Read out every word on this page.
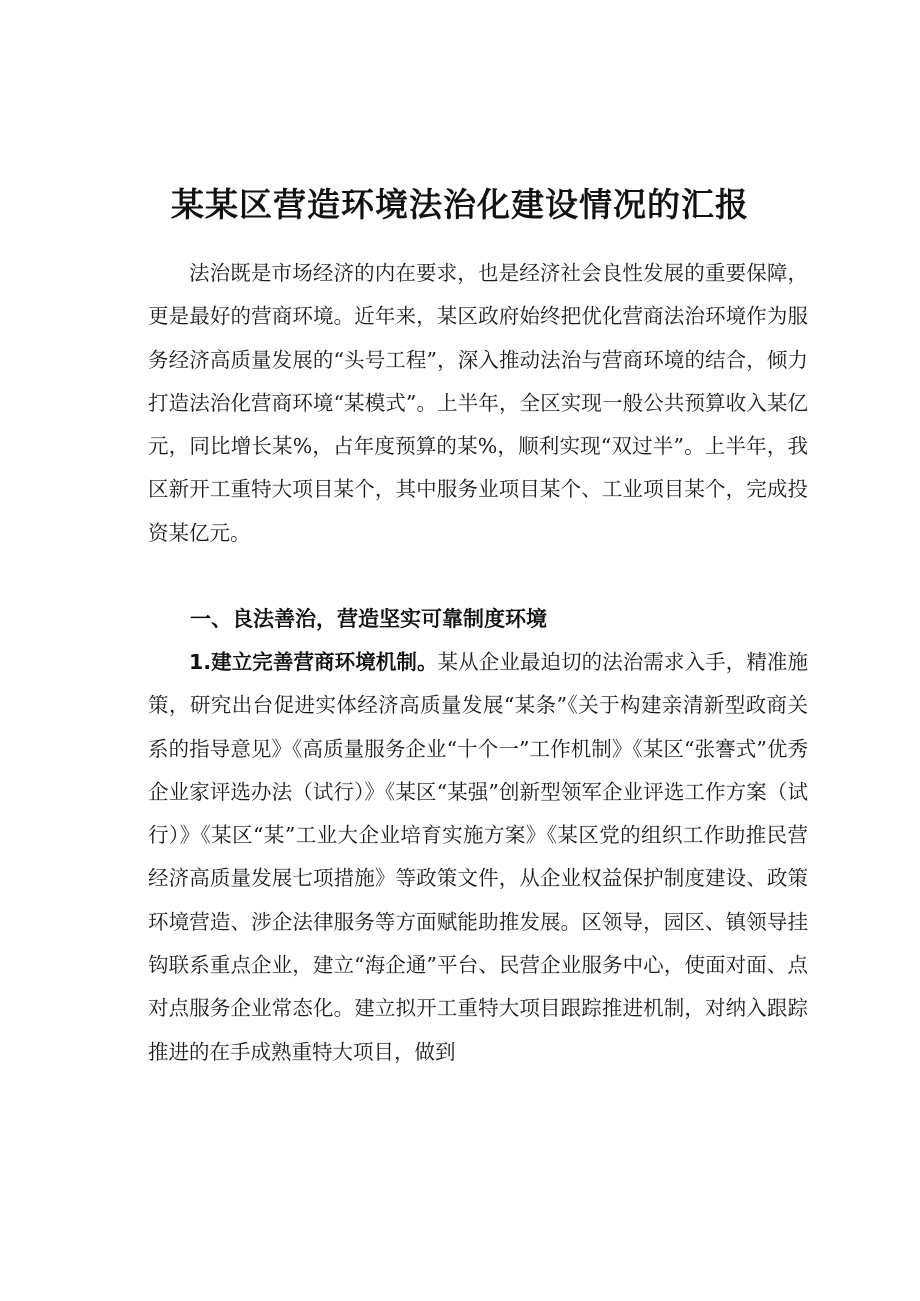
某某区营造环境法治化建设情况的汇报

法治既是市场经济的内在要求，也是经济社会良性发展的重要保障，更是最好的营商环境。近年来，某区政府始终把优化营商法治环境作为服务经济高质量发展的“头号工程”，深入推动法治与营商环境的结合，倾力打造法治化营商环境“某模式”。上半年，全区实现一般公共预算收入某亿元，同比增长某%，占年度预算的某%，顺利实现“双过半”。上半年，我区新开工重特大项目某个，其中服务业项目某个、工业项目某个，完成投资某亿元。

一、良法善治，营造坚实可靠制度环境

1.建立完善营商环境机制。某从企业最迫切的法治需求入手，精准施策，研究出台促进实体经济高质量发展“某条”《关于构建亲清新型政商关系的指导意见》《高质量服务企业“十个一”工作机制》《某区“张謇式”优秀企业家评选办法（试行）》《某区“某强”创新型领军企业评选工作方案（试行）》《某区“某”工业大企业培育实施方案》《某区党的组织工作助推民营经济高质量发展七项措施》等政策文件，从企业权益保护制度建设、政策环境营造、涉企法律服务等方面赋能助推发展。区领导，园区、镇领导挂钩联系重点企业，建立“海企通”平台、民营企业服务中心，使面对面、点对点服务企业常态化。建立拟开工重特大项目跟踪推进机制，对纳入跟踪推进的在手成熟重特大项目，做到
